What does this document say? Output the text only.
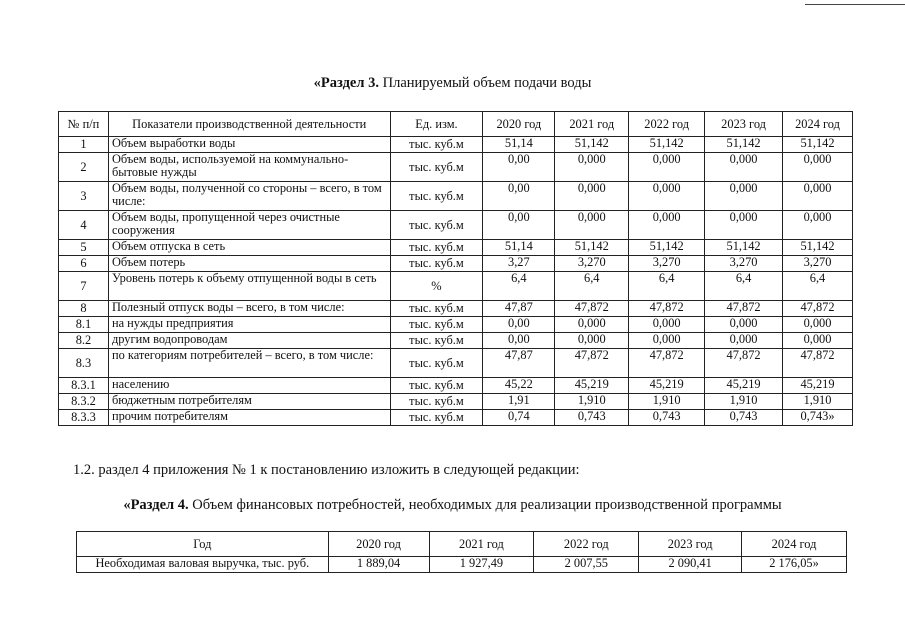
«Раздел 3. Планируемый объем подачи воды
№ п/п	Показатели производственной деятельности	Ед. изм.	2020 год	2021 год	2022 год	2023 год	2024 год
1	Объем выработки воды	тыс. куб.м	51,14	51,142	51,142	51,142	51,142
2	Объем воды, используемой на коммунально-бытовые нужды	тыс. куб.м	0,00	0,000	0,000	0,000	0,000
3	Объем воды, полученной со стороны – всего, в том числе:	тыс. куб.м	0,00	0,000	0,000	0,000	0,000
4	Объем воды, пропущенной через очистные сооружения	тыс. куб.м	0,00	0,000	0,000	0,000	0,000
5	Объем отпуска в сеть	тыс. куб.м	51,14	51,142	51,142	51,142	51,142
6	Объем потерь	тыс. куб.м	3,27	3,270	3,270	3,270	3,270
7	Уровень потерь к объему отпущенной воды в сеть	%	6,4	6,4	6,4	6,4	6,4
8	Полезный отпуск воды – всего, в том числе:	тыс. куб.м	47,87	47,872	47,872	47,872	47,872
8.1	на нужды предприятия	тыс. куб.м	0,00	0,000	0,000	0,000	0,000
8.2	другим водопроводам	тыс. куб.м	0,00	0,000	0,000	0,000	0,000
8.3	по категориям потребителей – всего, в том числе:	тыс. куб.м	47,87	47,872	47,872	47,872	47,872
8.3.1	населению	тыс. куб.м	45,22	45,219	45,219	45,219	45,219
8.3.2	бюджетным потребителям	тыс. куб.м	1,91	1,910	1,910	1,910	1,910
8.3.3	прочим потребителям	тыс. куб.м	0,74	0,743	0,743	0,743	0,743»
1.2. раздел 4 приложения № 1 к постановлению изложить в следующей редакции:
«Раздел 4. Объем финансовых потребностей, необходимых для реализации производственной программы
Год	2020 год	2021 год	2022 год	2023 год	2024 год
Необходимая валовая выручка, тыс. руб.	1 889,04	1 927,49	2 007,55	2 090,41	2 176,05»
